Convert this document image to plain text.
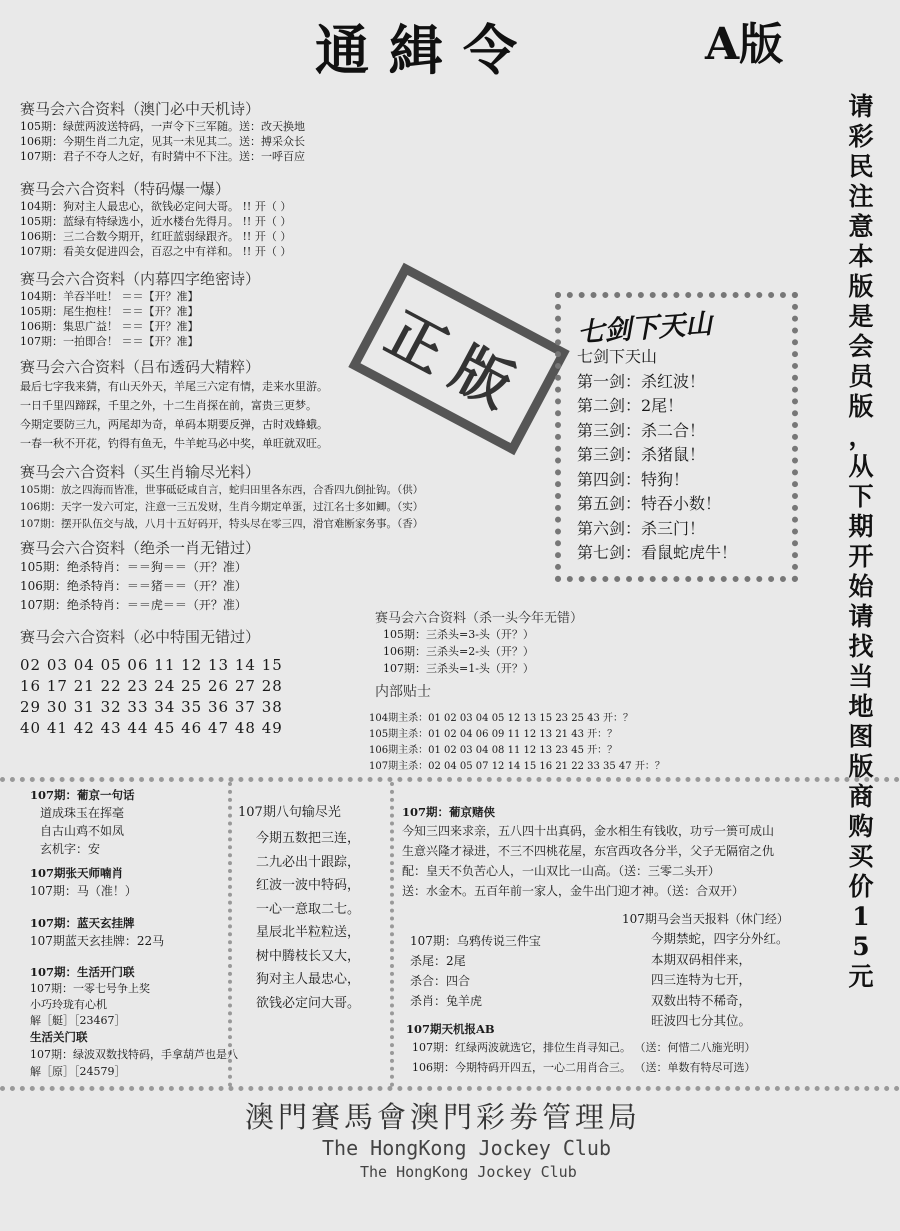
通緝令	A版
请彩民注意本版是会员版，从下期开始请找当地图版商购买价15元
赛马会六合资料（澳门必中天机诗）
105期：绿蔗两波送特码，一声令下三军随。送：改天换地
106期：今期生肖二九定，见其一未见其二。送：搏采众长
107期：君子不夺人之好，有时猜中不下注。送：一呼百应
赛马会六合资料（特码爆一爆）
104期：狗对主人最忠心，欲钱必定问大哥。 !! 开（ ）
105期：蓝绿有特绿选小，近水楼台先得月。 !! 开（ ）
106期：三二合数今期开，红旺蓝弱绿跟齐。 !! 开（ ）
107期：看美女促进四会，百忍之中有祥和。 !! 开（ ）
赛马会六合资料（内幕四字绝密诗）
104期：羊吞半吐！ ＝＝【开？准】
105期：尾生抱柱！ ＝＝【开？准】
106期：集思广益！ ＝＝【开？准】
107期：一拍即合！ ＝＝【开？准】	正版	七剑下天山
七剑下天山
第一剑：杀红波！
第二剑：2尾！
第三剑：杀二合！
第三剑：杀猪鼠！
第四剑：特狗！
第五剑：特吞小数！
第六剑：杀三门！
第七剑：看鼠蛇虎牛！
赛马会六合资料（吕布透码大精粹）
最后七字我来猜，有山天外天，羊尾三六定有情，走来水里游。
一日千里四蹄踩，千里之外，十二生肖探在前，富贵三更梦。
今期定要防三九，两尾却为奇，单码本期要反弹，古时戏蜂蛾。
一春一秋不开花，钓得有鱼无，牛羊蛇马必中奖，单旺就双旺。
赛马会六合资料（买生肖输尽光料）
105期：放之四海而皆准，世事砥砭咸自言，蛇归田里各东西，合香四九倒扯钩。（供）
106期：天字一发六可定，注意一三五发财，生肖今期定单蛋，过江名士多如鲫。（实）
107期：摆开队伍交与战，八月十五好码开，特头尽在零三四，滑官难断家务事。（香）
赛马会六合资料（绝杀一肖无错过）
105期：绝杀特肖：＝＝狗＝＝（开？准）
106期：绝杀特肖：＝＝猪＝＝（开？准）
107期：绝杀特肖：＝＝虎＝＝（开？准）
赛马会六合资料（必中特围无错过）
02 03 04 05 06 11 12 13 14 15
16 17 21 22 23 24 25 26 27 28
29 30 31 32 33 34 35 36 37 38
40 41 42 43 44 45 46 47 48 49
赛马会六合资料（杀一头今年无错）
105期：三杀头=3-头（开？）
106期：三杀头=2-头（开？）
107期：三杀头=1-头（开？）
内部贴士
104期主杀：01 02 03 04 05 12 13 15 23 25 43 开：？
105期主杀：01 02 04 06 09 11 12 13 21 43 开：？
106期主杀：01 02 03 04 08 11 12 13 23 45 开：？
107期主杀：02 04 05 07 12 14 15 16 21 22 33 35 47 开：？
107期：葡京一句话
道成珠玉在挥毫
自古山鸡不如凤
玄机字：安
107期张天师喃肖
107期：马（准！）
107期：蓝天玄挂牌
107期蓝天玄挂牌：22马
107期：生活开门联
107期：一零七号争上奖
小巧玲珑有心机
解［艇］［23467］
生活关门联
107期：绿波双数找特码，手拿葫芦也是八
解［原］［24579］
107期八句输尽光
今期五数把三连，
二九必出十跟踪，
红波一波中特码，
一心一意取二七。
星辰北半粒粒送，
树中腾枝长又大，
狗对主人最忠心，
欲钱必定问大哥。
107期：葡京赌侠
今知三四来求亲，五八四十出真码，金水相生有钱收，功亏一篑可成山
生意兴隆才禄进，不三不四桃花屋，东宫西攻各分半，父子无隔宿之仇
配：皇天不负苦心人，一山双比一山高。（送：三零二头开）
送：水金木。五百年前一家人，金牛出门迎才神。（送：合双开）
107期：乌鸦传说三件宝
杀尾：2尾
杀合：四合
杀肖：兔羊虎
107期马会当天报料（休门经）
今期禁蛇，四字分外红。
本期双码相伴来，
四三连特为七开，
双数出特不稀奇，
旺波四七分其位。
107期天机报AB
107期：红绿两波就选它，排位生肖寻知己。 （送：何惜二八施光明）
106期：今期特码开四五，一心二用肖合三。 （送：单数有特尽可选）
澳門賽馬會澳門彩劵管理局
The HongKong Jockey Club
The HongKong Jockey Club
